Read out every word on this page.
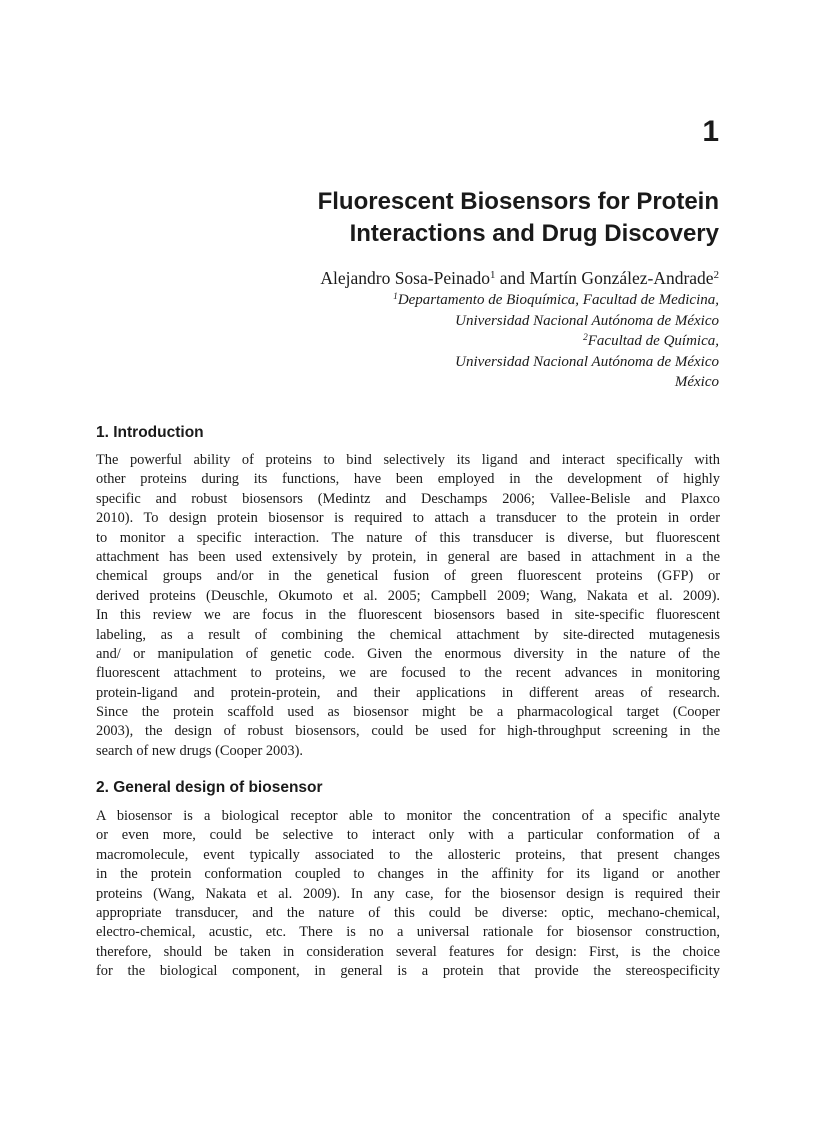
1
Fluorescent Biosensors for Protein
Interactions and Drug Discovery
Alejandro Sosa-Peinado$^1$ and Martín González-Andrade$^2$
$^1$Departamento de Bioquímica, Facultad de Medicina,
Universidad Nacional Autónoma de México
$^2$Facultad de Química,
Universidad Nacional Autónoma de México
México
1. Introduction
The powerful ability of proteins to bind selectively its ligand and interact specifically with
other proteins during its functions, have been employed in the development of highly
specific and robust biosensors (Medintz and Deschamps 2006; Vallee-Belisle and Plaxco
2010). To design protein biosensor is required to attach a transducer to the protein in order
to monitor a specific interaction. The nature of this transducer is diverse, but fluorescent
attachment has been used extensively by protein, in general are based in attachment in a the
chemical groups and/or in the genetical fusion of green fluorescent proteins (GFP) or
derived proteins (Deuschle, Okumoto et al. 2005; Campbell 2009; Wang, Nakata et al. 2009).
In this review we are focus in the fluorescent biosensors based in site-specific fluorescent
labeling, as a result of combining the chemical attachment by site-directed mutagenesis
and/ or manipulation of genetic code. Given the enormous diversity in the nature of the
fluorescent attachment to proteins, we are focused to the recent advances in monitoring
protein-ligand and protein-protein, and their applications in different areas of research.
Since the protein scaffold used as biosensor might be a pharmacological target (Cooper
2003), the design of robust biosensors, could be used for high-throughput screening in the
search of new drugs (Cooper 2003).
2. General design of biosensor
A biosensor is a biological receptor able to monitor the concentration of a specific analyte
or even more, could be selective to interact only with a particular conformation of a
macromolecule, event typically associated to the allosteric proteins, that present changes
in the protein conformation coupled to changes in the affinity for its ligand or another
proteins (Wang, Nakata et al. 2009). In any case, for the biosensor design is required their
appropriate transducer, and the nature of this could be diverse: optic, mechano-chemical,
electro-chemical, acustic, etc. There is no a universal rationale for biosensor construction,
therefore, should be taken in consideration several features for design: First, is the choice
for the biological component, in general is a protein that provide the stereospecificity
